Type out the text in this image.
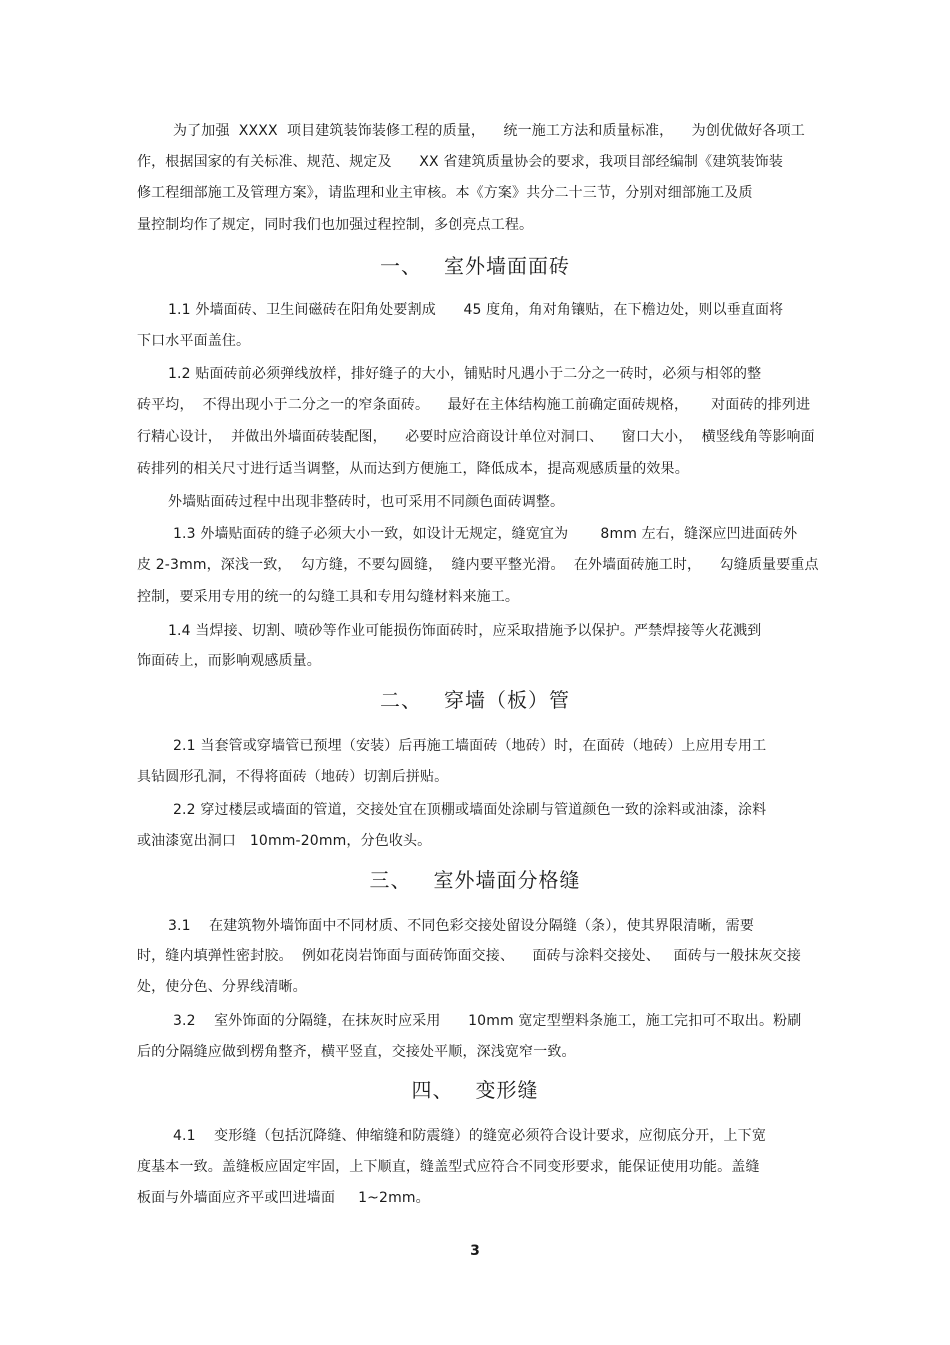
为了加强  XXXX  项目建筑装饰装修工程的质量，    统一施工方法和质量标准，    为创优做好各项工
作，根据国家的有关标准、规范、规定及      XX 省建筑质量协会的要求，我项目部经编制《建筑装饰装
修工程细部施工及管理方案》，请监理和业主审核。本《方案》共分二十三节，分别对细部施工及质
量控制均作了规定，同时我们也加强过程控制，多创亮点工程。
一、   室外墙面面砖
1.1 外墙面砖、卫生间磁砖在阳角处要割成      45 度角，角对角镶贴，在下檐边处，则以垂直面将
下口水平面盖住。
1.2 贴面砖前必须弹线放样，排好缝子的大小，铺贴时凡遇小于二分之一砖时，必须与相邻的整
砖平均，  不得出现小于二分之一的窄条面砖。    最好在主体结构施工前确定面砖规格，     对面砖的排列进
行精心设计，  并做出外墙面砖装配图，    必要时应洽商设计单位对洞口、    窗口大小，  横竖线角等影响面
砖排列的相关尺寸进行适当调整，从而达到方便施工，降低成本，提高观感质量的效果。
外墙贴面砖过程中出现非整砖时，也可采用不同颜色面砖调整。
1.3 外墙贴面砖的缝子必须大小一致，如设计无规定，缝宽宜为       8mm 左右，缝深应凹进面砖外
皮 2-3mm，深浅一致，  勾方缝，不要勾圆缝，  缝内要平整光滑。  在外墙面砖施工时，    勾缝质量要重点
控制，要采用专用的统一的勾缝工具和专用勾缝材料来施工。
1.4 当焊接、切割、喷砂等作业可能损伤饰面砖时，应采取措施予以保护。严禁焊接等火花溅到
饰面砖上，而影响观感质量。
二、   穿墙（板）管
2.1 当套管或穿墙管已预埋（安装）后再施工墙面砖（地砖）时，在面砖（地砖）上应用专用工
具钻圆形孔洞，不得将面砖（地砖）切割后拼贴。
2.2 穿过楼层或墙面的管道，交接处宜在顶棚或墙面处涂刷与管道颜色一致的涂料或油漆，涂料
或油漆宽出洞口   10mm-20mm，分色收头。
三、   室外墙面分格缝
3.1    在建筑物外墙饰面中不同材质、不同色彩交接处留设分隔缝（条），使其界限清晰，需要
时，缝内填弹性密封胶。  例如花岗岩饰面与面砖饰面交接、    面砖与涂料交接处、   面砖与一般抹灰交接
处，使分色、分界线清晰。
3.2    室外饰面的分隔缝，在抹灰时应采用      10mm 宽定型塑料条施工，施工完扣可不取出。粉刷
后的分隔缝应做到楞角整齐，横平竖直，交接处平顺，深浅宽窄一致。
四、   变形缝
4.1    变形缝（包括沉降缝、伸缩缝和防震缝）的缝宽必须符合设计要求，应彻底分开，上下宽
度基本一致。盖缝板应固定牢固，上下顺直，缝盖型式应符合不同变形要求，能保证使用功能。盖缝
板面与外墙面应齐平或凹进墙面     1~2mm。
3
